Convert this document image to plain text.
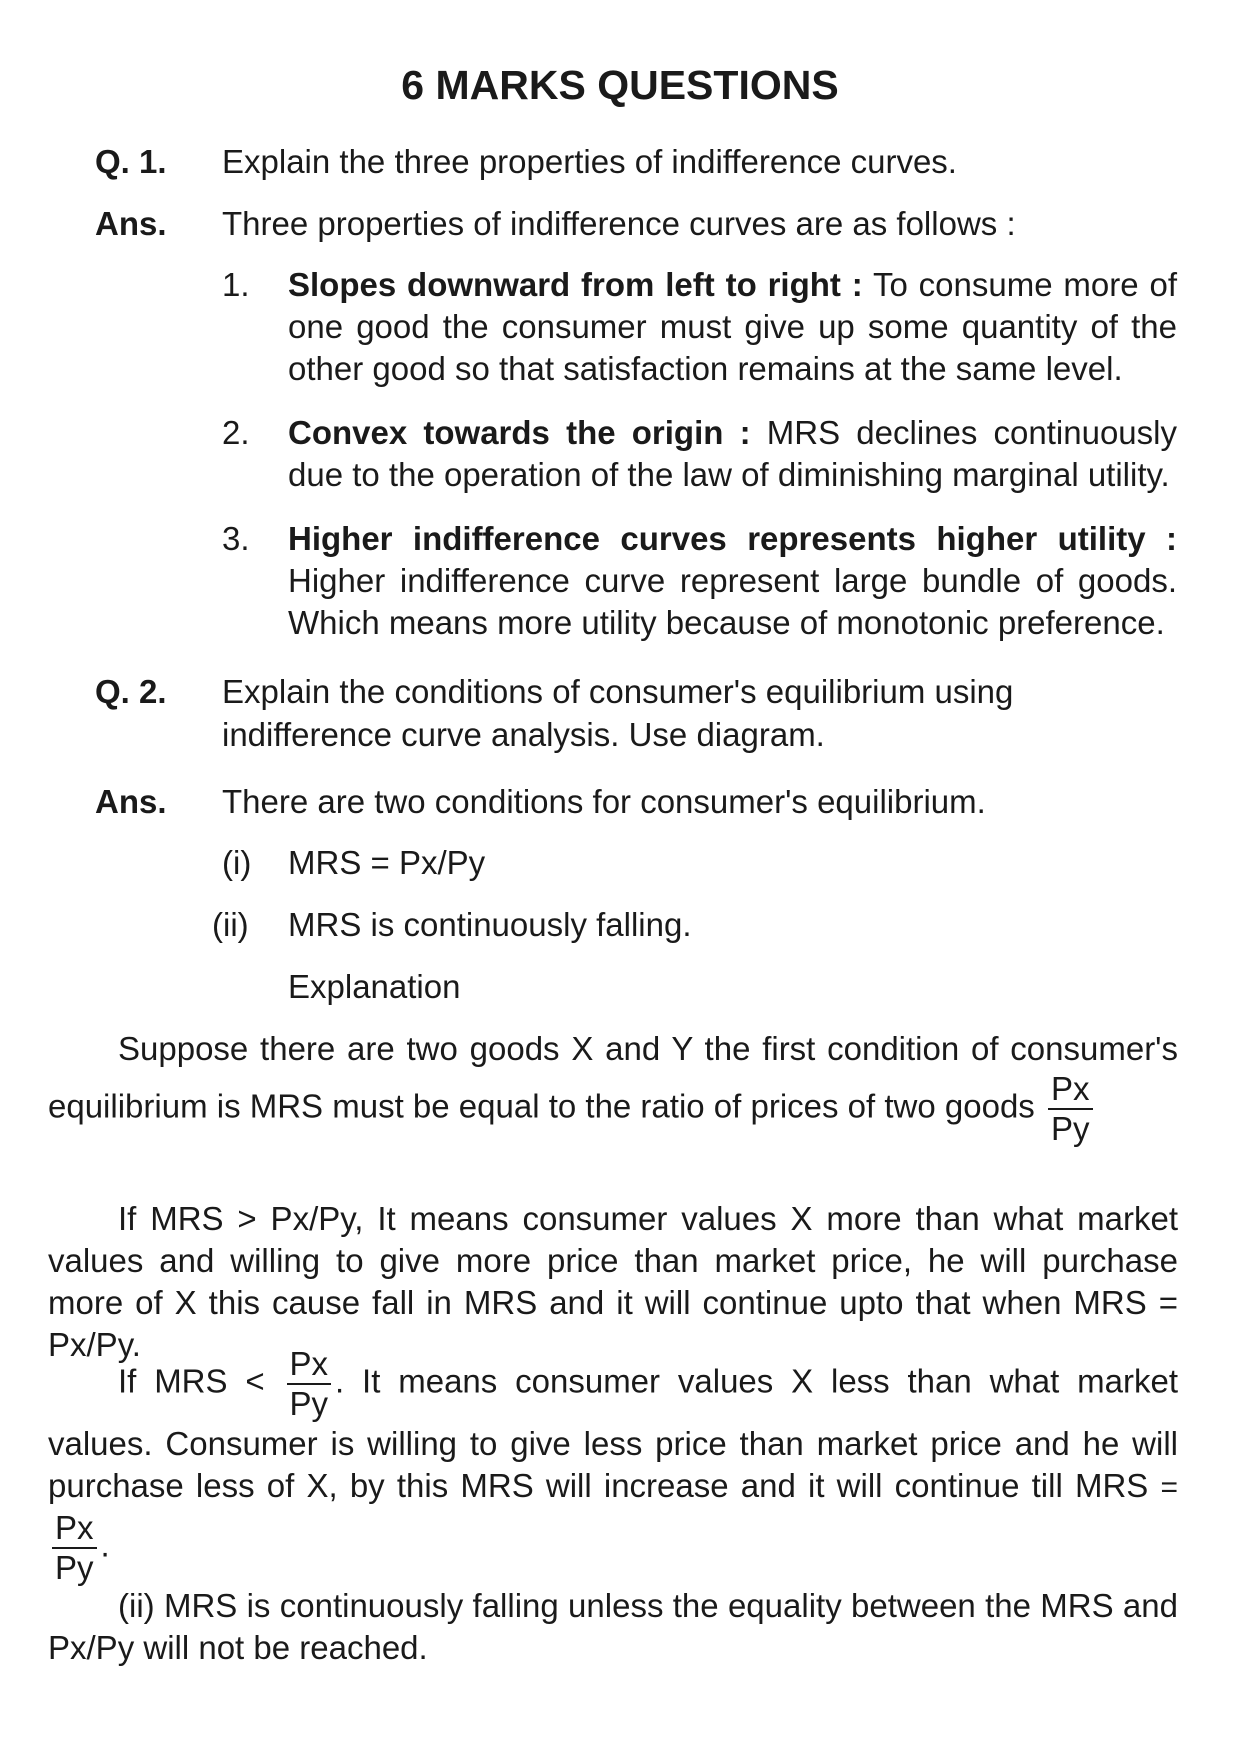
6 MARKS QUESTIONS
Q. 1. Explain the three properties of indifference curves.
Ans. Three properties of indifference curves are as follows :
1. Slopes downward from left to right : To consume more of one good the consumer must give up some quantity of the other good so that satisfaction remains at the same level.
2. Convex towards the origin : MRS declines continuously due to the operation of the law of diminishing marginal utility.
3. Higher indifference curves represents higher utility : Higher indifference curve represent large bundle of goods. Which means more utility because of monotonic preference.
Q. 2. Explain the conditions of consumer's equilibrium using indifference curve analysis. Use diagram.
Ans. There are two conditions for consumer's equilibrium.
(i) MRS = Px/Py
(ii) MRS is continuously falling.
Explanation
Suppose there are two goods X and Y the first condition of consumer's equilibrium is MRS must be equal to the ratio of prices of two goods $\frac{Px}{Py}$
If MRS > Px/Py, It means consumer values X more than what market values and willing to give more price than market price, he will purchase more of X this cause fall in MRS and it will continue upto that when MRS = Px/Py.
If MRS < $\frac{Px}{Py}$ . It means consumer values X less than what market values. Consumer is willing to give less price than market price and he will purchase less of X, by this MRS will increase and it will continue till MRS =
$\frac{Px}{Py}$ .
(ii) MRS is continuously falling unless the equality between the MRS and Px/Py will not be reached.
